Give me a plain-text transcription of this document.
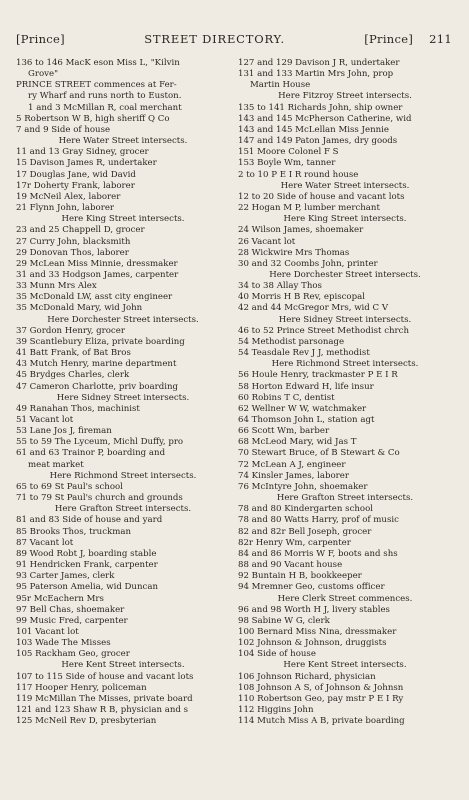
[Prince]	STREET DIRECTORY.	[Prince] 211
136 to 146 MacK eson Miss L, "Kilvin
Grove"
PRINCE STREET commences at Fer-
ry Wharf and runs north to Euston.
1 and 3 McMillan R, coal merchant
5 Robertson W B, high sheriff Q Co
7 and 9 Side of house
Here Water Street intersects.
11 and 13 Gray Sidney, grocer
15 Davison James R, undertaker
17 Douglas Jane, wid David
17r Doherty Frank, laborer
19 McNeil Alex, laborer
21 Flynn John, laborer
Here King Street intersects.
23 and 25 Chappell D, grocer
27 Curry John, blacksmith
29 Donovan Thos, laborer
29 McLean Miss Minnie, dressmaker
31 and 33 Hodgson James, carpenter
33 Munn Mrs Alex
35 McDonald LW, asst city engineer
35 McDonald Mary, wid John
Here Dorchester Street intersects.
37 Gordon Henry, grocer
39 Scantlebury Eliza, private boarding
41 Batt Frank, of Bat Bros
43 Mutch Henry, marine department
45 Brydges Charles, clerk
47 Cameron Charlotte, priv boarding
Here Sidney Street intersects.
49 Ranahan Thos, machinist
51 Vacant lot
53 Lane Jos J, fireman
55 to 59 The Lyceum, Michl Duffy, pro
61 and 63 Trainor P, boarding and
meat market
Here Richmond Street intersects.
65 to 69 St Paul's school
71 to 79 St Paul's church and grounds
Here Grafton Street intersects.
81 and 83 Side of house and yard
85 Brooks Thos, truckman
87 Vacant lot
89 Wood Robt J, boarding stable
91 Hendricken Frank, carpenter
93 Carter James, clerk
95 Paterson Amelia, wid Duncan
95r McEachern Mrs
97 Bell Chas, shoemaker
99 Music Fred, carpenter
101 Vacant lot
103 Wade The Misses
105 Rackham Geo, grocer
Here Kent Street intersects.
107 to 115 Side of house and vacant lots
117 Hooper Henry, policeman
119 McMillan The Misses, private board
121 and 123 Shaw R B, physician and s
125 McNeil Rev D, presbyterian
127 and 129 Davison J R, undertaker
131 and 133 Martin Mrs John, prop
Martin House
Here Fitzroy Street intersects.
135 to 141 Richards John, ship owner
143 and 145 McPherson Catherine, wid
143 and 145 McLellan Miss Jennie
147 and 149 Paton James, dry goods
151 Moore Colonel F S
153 Boyle Wm, tanner
2 to 10 P E I R round house
Here Water Street intersects.
12 to 20 Side of house and vacant lots
22 Hogan M P, lumber merchant
Here King Street intersects.
24 Wilson James, shoemaker
26 Vacant lot
28 Wickwire Mrs Thomas
30 and 32 Coombs John, printer
Here Dorchester Street intersects.
34 to 38 Allay Thos
40 Morris H B Rev, episcopal
42 and 44 McGregor Mrs, wid C V
Here Sidney Street intersects.
46 to 52 Prince Street Methodist chrch
54 Methodist parsonage
54 Teasdale Rev J J, methodist
Here Richmond Street intersects.
56 Houle Henry, trackmaster P E I R
58 Horton Edward H, life insur
60 Robins T C, dentist
62 Wellner W W, watchmaker
64 Thomson John L, station agt
66 Scott Wm, barber
68 McLeod Mary, wid Jas T
70 Stewart Bruce, of B Stewart & Co
72 McLean A J, engineer
74 Kinsler James, laborer
76 McIntyre John, shoemaker
Here Grafton Street intersects.
78 and 80 Kindergarten school
78 and 80 Watts Harry, prof of music
82 and 82r Bell Joseph, grocer
82r Henry Wm, carpenter
84 and 86 Morris W F, boots and shs
88 and 90 Vacant house
92 Buntain H B, bookkeeper
94 Mremner Geo, customs officer
Here Clerk Street commences.
96 and 98 Worth H J, livery stables
98 Sabine W G, clerk
100 Bernard Miss Nina, dressmaker
102 Johnson & Johnson, druggists
104 Side of house
Here Kent Street intersects.
106 Johnson Richard, physician
108 Johnson A S, of Johnson & Johnsn
110 Robertson Geo, pay mstr P E I Ry
112 Higgins John
114 Mutch Miss A B, private boarding
